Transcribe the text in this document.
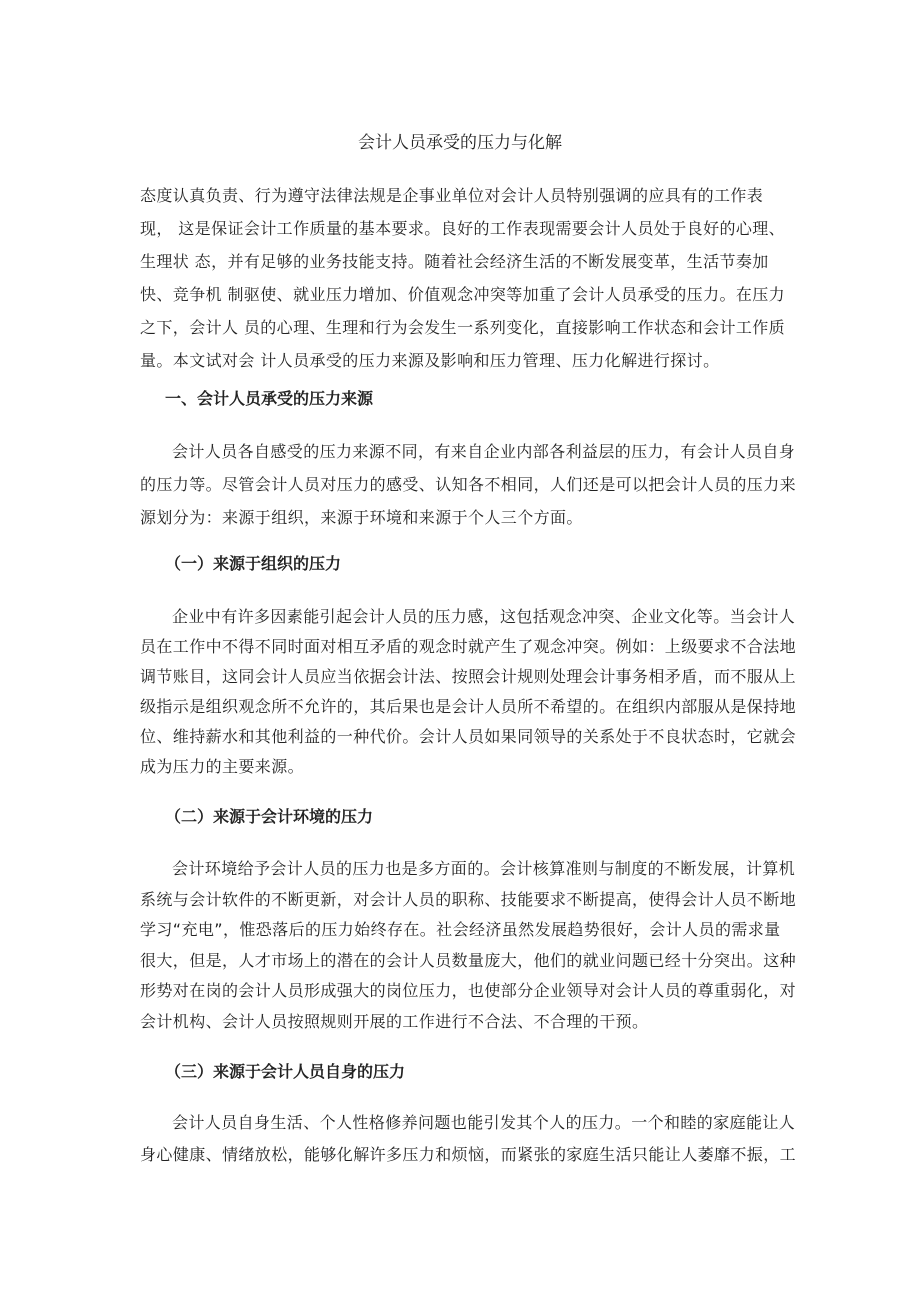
会计人员承受的压力与化解
态度认真负责、行为遵守法律法规是企事业单位对会计人员特别强调的应具有的工作表
现， 这是保证会计工作质量的基本要求。良好的工作表现需要会计人员处于良好的心理、
生理状 态，并有足够的业务技能支持。随着社会经济生活的不断发展变革，生活节奏加
快、竞争机 制驱使、就业压力增加、价值观念冲突等加重了会计人员承受的压力。在压力
之下，会计人 员的心理、生理和行为会发生一系列变化，直接影响工作状态和会计工作质
量。本文试对会 计人员承受的压力来源及影响和压力管理、压力化解进行探讨。
一、会计人员承受的压力来源
会计人员各自感受的压力来源不同，有来自企业内部各利益层的压力，有会计人员自身
的压力等。尽管会计人员对压力的感受、认知各不相同，人们还是可以把会计人员的压力来
源划分为：来源于组织，来源于环境和来源于个人三个方面。
（一）来源于组织的压力
企业中有许多因素能引起会计人员的压力感，这包括观念冲突、企业文化等。当会计人
员在工作中不得不同时面对相互矛盾的观念时就产生了观念冲突。例如：上级要求不合法地
调节账目，这同会计人员应当依据会计法、按照会计规则处理会计事务相矛盾，而不服从上
级指示是组织观念所不允许的，其后果也是会计人员所不希望的。在组织内部服从是保持地
位、维持薪水和其他利益的一种代价。会计人员如果同领导的关系处于不良状态时，它就会
成为压力的主要来源。
（二）来源于会计环境的压力
会计环境给予会计人员的压力也是多方面的。会计核算准则与制度的不断发展，计算机
系统与会计软件的不断更新，对会计人员的职称、技能要求不断提高，使得会计人员不断地
学习“充电”，惟恐落后的压力始终存在。社会经济虽然发展趋势很好，会计人员的需求量
很大，但是，人才市场上的潜在的会计人员数量庞大，他们的就业问题已经十分突出。这种
形势对在岗的会计人员形成强大的岗位压力，也使部分企业领导对会计人员的尊重弱化，对
会计机构、会计人员按照规则开展的工作进行不合法、不合理的干预。
（三）来源于会计人员自身的压力
会计人员自身生活、个人性格修养问题也能引发其个人的压力。一个和睦的家庭能让人
身心健康、情绪放松，能够化解许多压力和烦恼，而紧张的家庭生活只能让人萎靡不振，工
